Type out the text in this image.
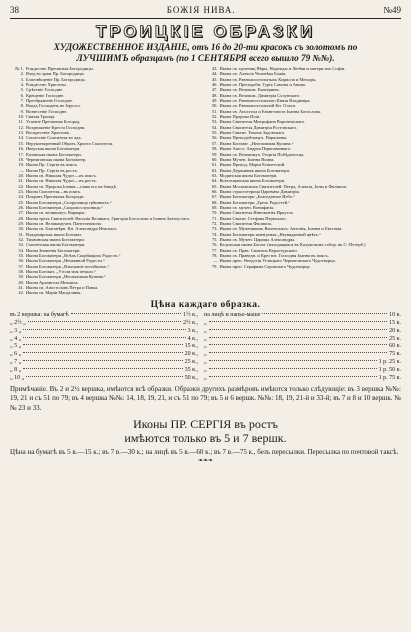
38	БОЖІЯ НИВА.	№49
ТРОИЦКІЕ ОБРАЗКИ
ХУДОЖЕСТВЕННОЕ ИЗДАНІЕ, отъ 16 до 20-ти красокъ съ золотомъ по
ЛУЧШИМЪ образцамъ (по 1 СЕНТЯБРЯ всего вышло 79 №№).
№ 1. Рождество Пресвятыя Богородицы.
2. Вход во храм Пр. Богородицы.
3. Благовѣщеніе Пр. Богородицы.
4. Рождество Христово.
5. Срѣтеніе Господне.
6. Крещеніе Господне.
7. Преображеніе Господне.
8. Входъ Господень во Іерусал.
9. Вознесеніе Господне.
10. Святая Троица.
11. Успеніе Пресвятыя Богород.
12. Воздвиженіе Креста Господня.
13. Воскресеніе Христово.
14. Сошествіе Спасителя во адъ.
15. Нерукотворенный Образъ Христа Спасителя.
16. Иверская икона Богоматери.
17. Казанская икона Богоматери.
18. Черниговская икона Богоматер.
19. Икона Пр. Сергія въ поясъ.
— Икона Пр. Сергія въ ростъ.
20. Икона св. Николая Чудот.—въ поясъ.
21. Икона св. Николая Чудот.—въ ростъ.
22. Икона св. Пророка Іоанна—глава его на блюдѣ.
23. Икона Спасителя—въ поясъ.
24. Покровъ Пресвятыя Богороди.
25. Икона Богоматери „Споручница грѣшныхъ.“
26. Икона Богоматери „Скоропослушница.“
27. Икона св. великомуч. Варвары.
28. Икона трехъ Святителей: Василія Великаго, Григорія Богослова и Іоанна Златоустаго.
29. Икона св. Великомучен. Пантелеимона.
30. Икона св. Благовѣрн. Кн. Александра Невскаго.
31. Владимірская икона Богомат.
32. Тихвинская икона Богоматери.
33. Смоленская икона Богоматери.
34. Икона Знаменія Богоматери.
35. Икона Богоматери „Всѣхъ Скорбящихъ Радость.“
36. Икона Богоматери „Нечаянной Радости.“
37. Икона Богоматери „Взысканіе погибшихъ.“
38. Икона Богомат. „Утоли моя печали.“
39. Икона Богоматери „Неопалимая Купина.“
40. Икона Архангела Михаила.
41. Икона св. Апостоловъ Петра и Павла.
42. Икона св. Маріи Магдалины.
43. Икона св. мучениц Вѣры, Надежды и Любви и матери ихъ Софіи.
44. Икона св. Алексія Человѣка Божія.
45. Икона св. Равноапостольныхъ Кирилла и Меѳодія.
46. Икона св. Преподобн. Гурія Самона и Авива.
47. Икона св. Великом. Екатерины.
48. Икона св. Великом. Димитрія Солунскаго.
49. Икона св. Равноапостольнаго Князя Владиміра.
50. Икона св. Равноапостольной Кн. Ольги.
51. Икона св. Апостола и Евангелиста Іоанна Богослова.
52. Икона Пророка Иліи.
53. Икона Святителя Митрофана Воронежскаго.
54. Икона Святителя Димитрія Ростовскаго.
55. Икона Святит. Тихона Задонскаго.
56. Икона Преподобномуч. Параскевы.
57. Икона Богомат. „Неопалимая Купина.“
58. Икона Апост. Андрея Первозваннаго.
59. Икона св. Великомуч. Георгія Побѣдоносца.
60. Икона Мучен. Іоанна Воина.
61. Икона Препод. Маріи Египетской.
62. Икона Державная икона Богоматери.
63. Модинская икона Богоматери.
64. Козельщанская икона Богоматери.
65. Икона Московскихъ Святителей: Петра, Алексія, Іоны и Филиппа.
66. Икона страстотерпца Царевича Димитрія.
67. Икона Богоматери „Благодатное Небо.“
68. Икона Богоматери „Трехъ Радостей.“
69. Икона св. мучен. Вонифатія.
70. Икона Святителя Иннокентія Иркутск.
71. Икона Святит. Стефана Пермскаго.
72. Икона Святителя Филиппа.
73. Икона св. Мученикомъ Виленскихъ: Антонія, Іоанна и Евстаѳія.
74. Икона Богоматери именуемая „Неувядаемый цвѣтъ.“
75. Икона св. Мучен. Царицы Александры.
76. Калужская икона Богом. (находящаяся въ Калужскомъ собор. въ С.-Петерб.)
77. Икона св. Прав. Симеона Верхотурскаго.
78. Икона св. Праведн. и Крестит. Господня Іоанна въ поясъ.
— Икона преп. Ѳеодосія Углицкаго Черниговскаго Чудотворца.
79. Икона преп. Серафима Саровскаго Чудотворца.
Цѣна каждаго образка.
въ 2 вершка: на бумагѣ	1½ к.,	на лицѣ и папье-маше	10 к.
„ 2½ „	2½ к.,	„	15 к.
„ 3 „	3 к.,	„	20 к.
„ 4 „	4 к.,	„	25 к.
„ 5 „	15 к.,	„	60 к.
„ 6 „	20 к.,	„	75 к.
„ 7 „	25 к.,	„	1 р. 25 к.
„ 8 „	35 к.,	„	1 р. 50 к.
„ 10 „	50 к.,	„	1 р. 75 к.
Примѣчаніе. Въ 2 и 2½ вершка, имѣются всѣ образки. Образки другихъ размѣровъ имѣются только слѣдующіе: въ 3 вершка №№: 19, 21 и съ 51 по 79; въ 4 вершка №№: 14, 18, 19, 21, и съ 51 по 79; въ 5 и 6 вершк. №№: 18, 19, 21-й и 33-й; въ 7 и 8 и 10 вершк. №№ 23 и 33.
Иконы ПР. СЕРГІЯ въ ростъ
имѣются только въ 5 и 7 вершк.
Цѣна на бумагѣ въ 5 в.—15 к.; въ 7 в.—30 к.; на лицѣ въ 5 в.—60 к.; въ 7 в.—75 к., безъ пересылки. Пересылка по почтовой таксѣ.
❧❧❧
